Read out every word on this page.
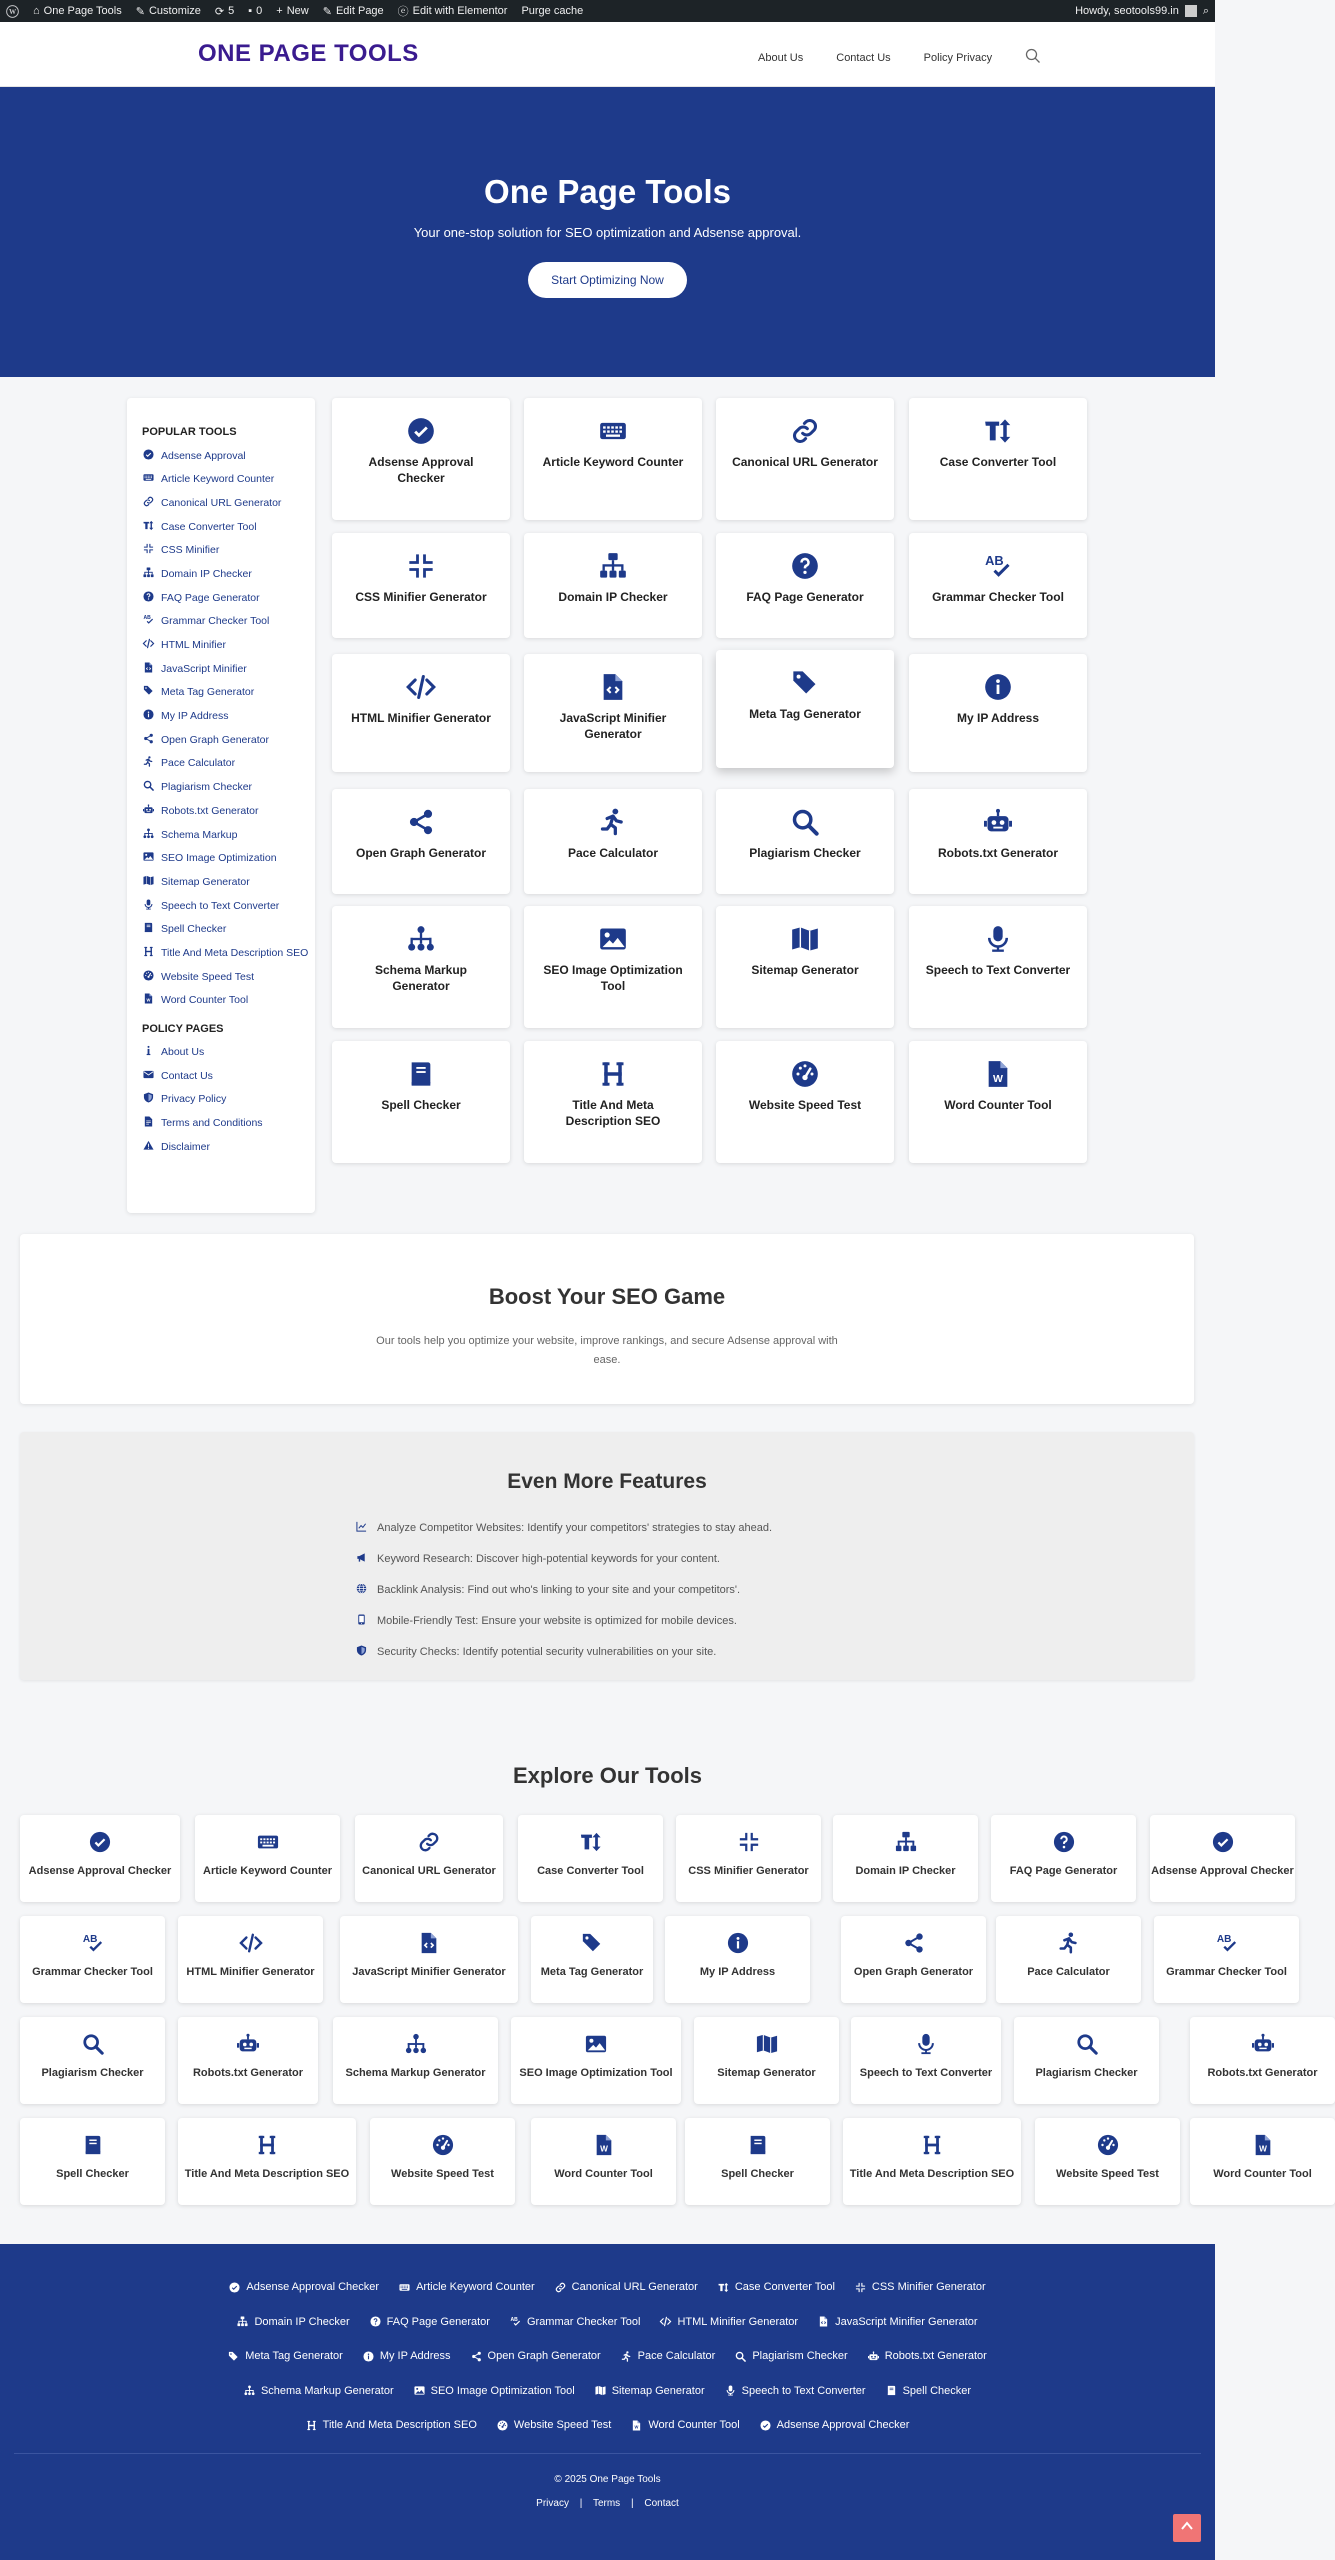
W ⌂ One Page Tools ✎ Customize ⟳ 5 ▪ 0 + New ✎ Edit Page ⓔ Edit with Elementor Purge cache	Howdy, seotools99.in ⌕
ONE PAGE TOOLS	About Us	Contact Us	Policy Privacy
One Page Tools

Your one-stop solution for SEO optimization and Adsense approval.

Start Optimizing Now
POPULAR TOOLS
Adsense Approval
Article Keyword Counter
Canonical URL Generator
Case Converter Tool
CSS Minifier
Domain IP Checker
FAQ Page Generator
AB Grammar Checker Tool
HTML Minifier
JavaScript Minifier
Meta Tag Generator
My IP Address
Open Graph Generator
Pace Calculator
Plagiarism Checker
Robots.txt Generator
Schema Markup
SEO Image Optimization
Sitemap Generator
Speech to Text Converter
Spell Checker
Title And Meta Description SEO
Website Speed Test
W Word Counter Tool
POLICY PAGES
About Us
Contact Us
Privacy Policy
Terms and Conditions
Disclaimer
Adsense Approval Checker
Article Keyword Counter	Canonical URL Generator	Case Converter Tool
CSS Minifier Generator	Domain IP Checker	FAQ Page Generator
AB
Grammar Checker Tool
HTML Minifier Generator	JavaScript Minifier Generator
Meta Tag Generator	My IP Address
Open Graph Generator	Pace Calculator	Plagiarism Checker	Robots.txt Generator
Schema Markup Generator
SEO Image Optimization Tool
Sitemap Generator	Speech to Text Converter
Spell Checker	Title And Meta Description SEO
Website Speed Test
W
Word Counter Tool
Boost Your SEO Game

Our tools help you optimize your website, improve rankings, and secure Adsense approval with ease.

Even More Features
Analyze Competitor Websites: Identify your competitors' strategies to stay ahead.
Keyword Research: Discover high-potential keywords for your content.
Backlink Analysis: Find out who's linking to your site and your competitors'.
Mobile-Friendly Test: Ensure your website is optimized for mobile devices.
Security Checks: Identify potential security vulnerabilities on your site.
Explore Our Tools
Adsense Approval Checker	Article Keyword Counter	Canonical URL Generator	Case Converter Tool	CSS Minifier Generator	Domain IP Checker	FAQ Page Generator	Adsense Approval Checker
AB
Grammar Checker Tool	HTML Minifier Generator	JavaScript Minifier Generator	Meta Tag Generator	My IP Address	Open Graph Generator	Pace Calculator
AB
Grammar Checker Tool
Plagiarism Checker	Robots.txt Generator	Schema Markup Generator	SEO Image Optimization Tool	Sitemap Generator	Speech to Text Converter	Plagiarism Checker	Robots.txt Generator
Spell Checker	Title And Meta Description SEO	Website Speed Test
W
Word Counter Tool	Spell Checker	Title And Meta Description SEO	Website Speed Test
W
Word Counter Tool
Adsense Approval Checker	Article Keyword Counter	Canonical URL Generator	Case Converter Tool	CSS Minifier Generator
Domain IP Checker	FAQ Page Generator AB Grammar Checker Tool	HTML Minifier Generator	JavaScript Minifier Generator
Meta Tag Generator	My IP Address	Open Graph Generator	Pace Calculator	Plagiarism Checker	Robots.txt Generator
Schema Markup Generator	SEO Image Optimization Tool	Sitemap Generator	Speech to Text Converter	Spell Checker
Title And Meta Description SEO	Website Speed Test	W Word Counter Tool	Adsense Approval Checker
© 2025 One Page Tools
Privacy | Terms | Contact
